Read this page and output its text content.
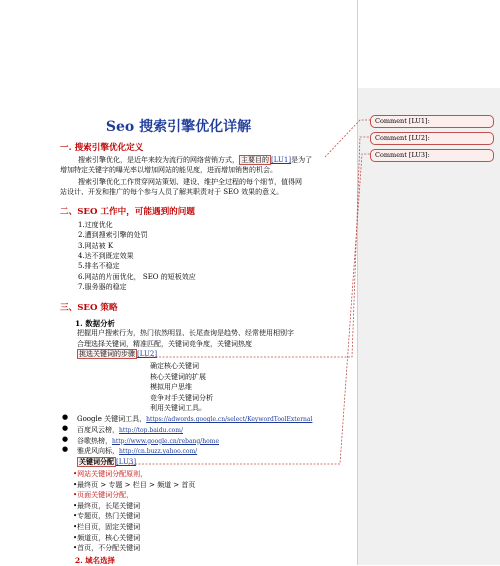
Seo 搜索引擎优化详解
一. 搜索引擎优化定义
搜索引擎优化，是近年来较为流行的网络营销方式， 主要目的 [LU1]是为了
增加特定关键字的曝光率以增加网站的能见度，进而增加销售的机会。
搜索引擎优化工作贯穿网站策划、建设、维护全过程的每个细节，值得网
站设计、开发和推广的每个参与人员了解其职责对于 SEO 效果的意义。
二、SEO 工作中，可能遇到的问题
1.过度优化
2.遭到搜索引擎的处罚
3.网站被 K
4.达不到既定效果
5.排名不稳定
6.网站的片面优化， SEO 的短板效应
7.服务器的稳定
三、SEO 策略
1. 数据分析
把握用户搜索行为，热门依然明显、长尾查询是趋势、经常使用相别字
合理选择关键词，精准匹配，关键词竞争度，关键词热度
挑选关键词的步骤 [LU2]
确定核心关键词
核心关键词的扩展
模拟用户思维
竞争对手关键词分析
利用关键词工具。
● Google 关键词工具，https://adwords.google.cn/select/KeywordToolExternal
● 百度风云榜，http://top.baidu.com/
● 谷歌热榜，http://www.google.cn/rebang/home
● 雅虎风向标，http://cn.buzz.yahoo.com/
关键词分配 [LU3]
•网站关键词分配原则，
•最终页 > 专题 > 栏目 > 频道 > 首页
•页面关键词分配，
•最终页，长尾关键词
•专题页，热门关键词
•栏目页，固定关键词
•频道页，核心关键词
•首页，不分配关键词
2. 域名选择
Comment [LU1]:
Comment [LU2]:
Comment [LU3]:
